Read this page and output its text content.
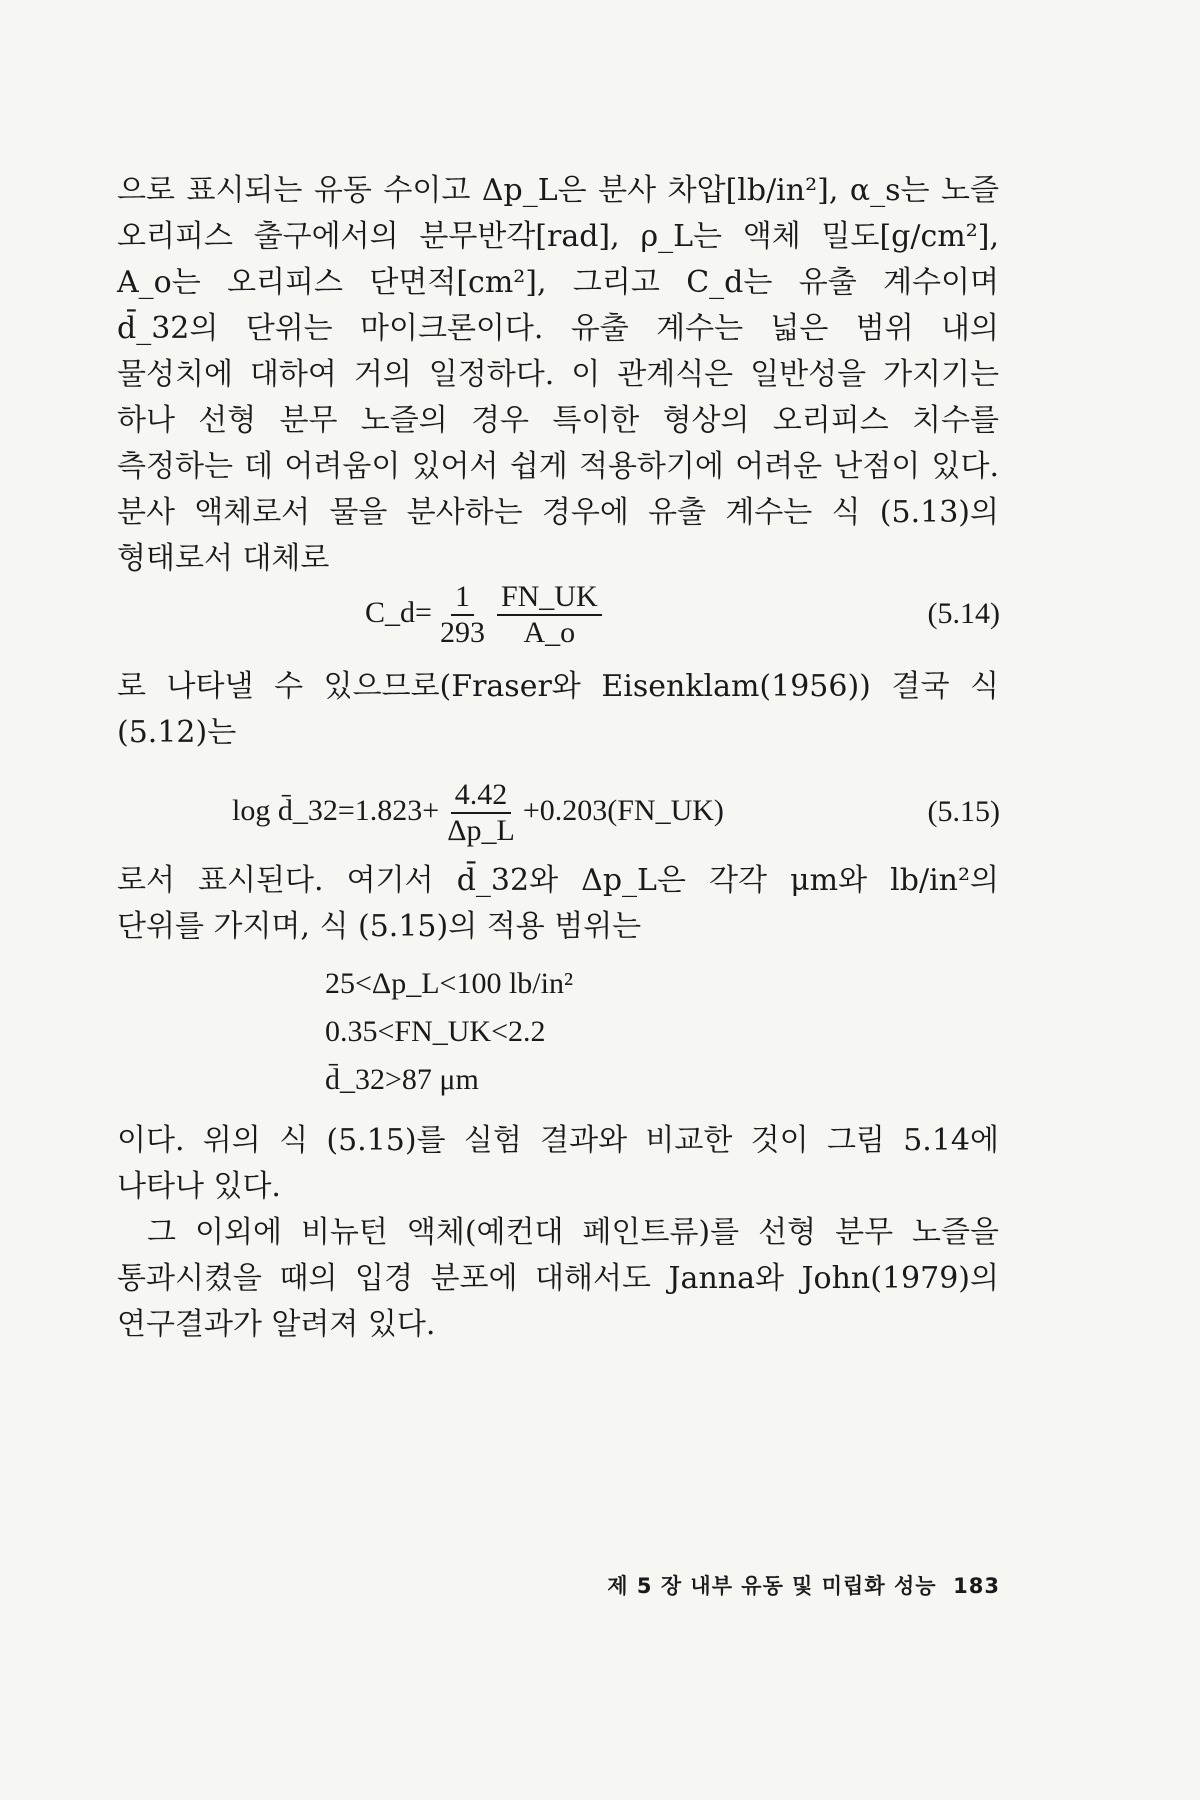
으로 표시되는 유동 수이고 Δp_L은 분사 차압[lb/in²], α_s는 노즐 오리피스 출구에서의 분무반각[rad], ρ_L는 액체 밀도[g/cm²], A_o는 오리피스 단면적[cm²], 그리고 C_d는 유출 계수이며 d̄_32의 단위는 마이크론이다. 유출 계수는 넓은 범위 내의 물성치에 대하여 거의 일정하다. 이 관계식은 일반성을 가지기는 하나 선형 분무 노즐의 경우 특이한 형상의 오리피스 치수를 측정하는 데 어려움이 있어서 쉽게 적용하기에 어려운 난점이 있다. 분사 액체로서 물을 분사하는 경우에 유출 계수는 식 (5.13)의 형태로서 대체로

C_d= $\frac{1}{293} \frac{FN\_UK}{A\_o}$	(5.14)

로 나타낼 수 있으므로(Fraser와 Eisenklam(1956)) 결국 식 (5.12)는

log d̄_32=1.823+ $\frac{4.42}{\Delta p\_L}$ +0.203(FN_UK)	(5.15)

로서 표시된다. 여기서 d̄_32와 Δp_L은 각각 μm와 lb/in²의 단위를 가지며, 식 (5.15)의 적용 범위는

25<Δp_L<100 lb/in²
0.35<FN_UK<2.2
d̄_32>87 μm

이다. 위의 식 (5.15)를 실험 결과와 비교한 것이 그림 5.14에 나타나 있다.

그 이외에 비뉴턴 액체(예컨대 페인트류)를 선형 분무 노즐을 통과시켰을 때의 입경 분포에 대해서도 Janna와 John(1979)의 연구결과가 알려져 있다.

제 5 장 내부 유동 및 미립화 성능 183
